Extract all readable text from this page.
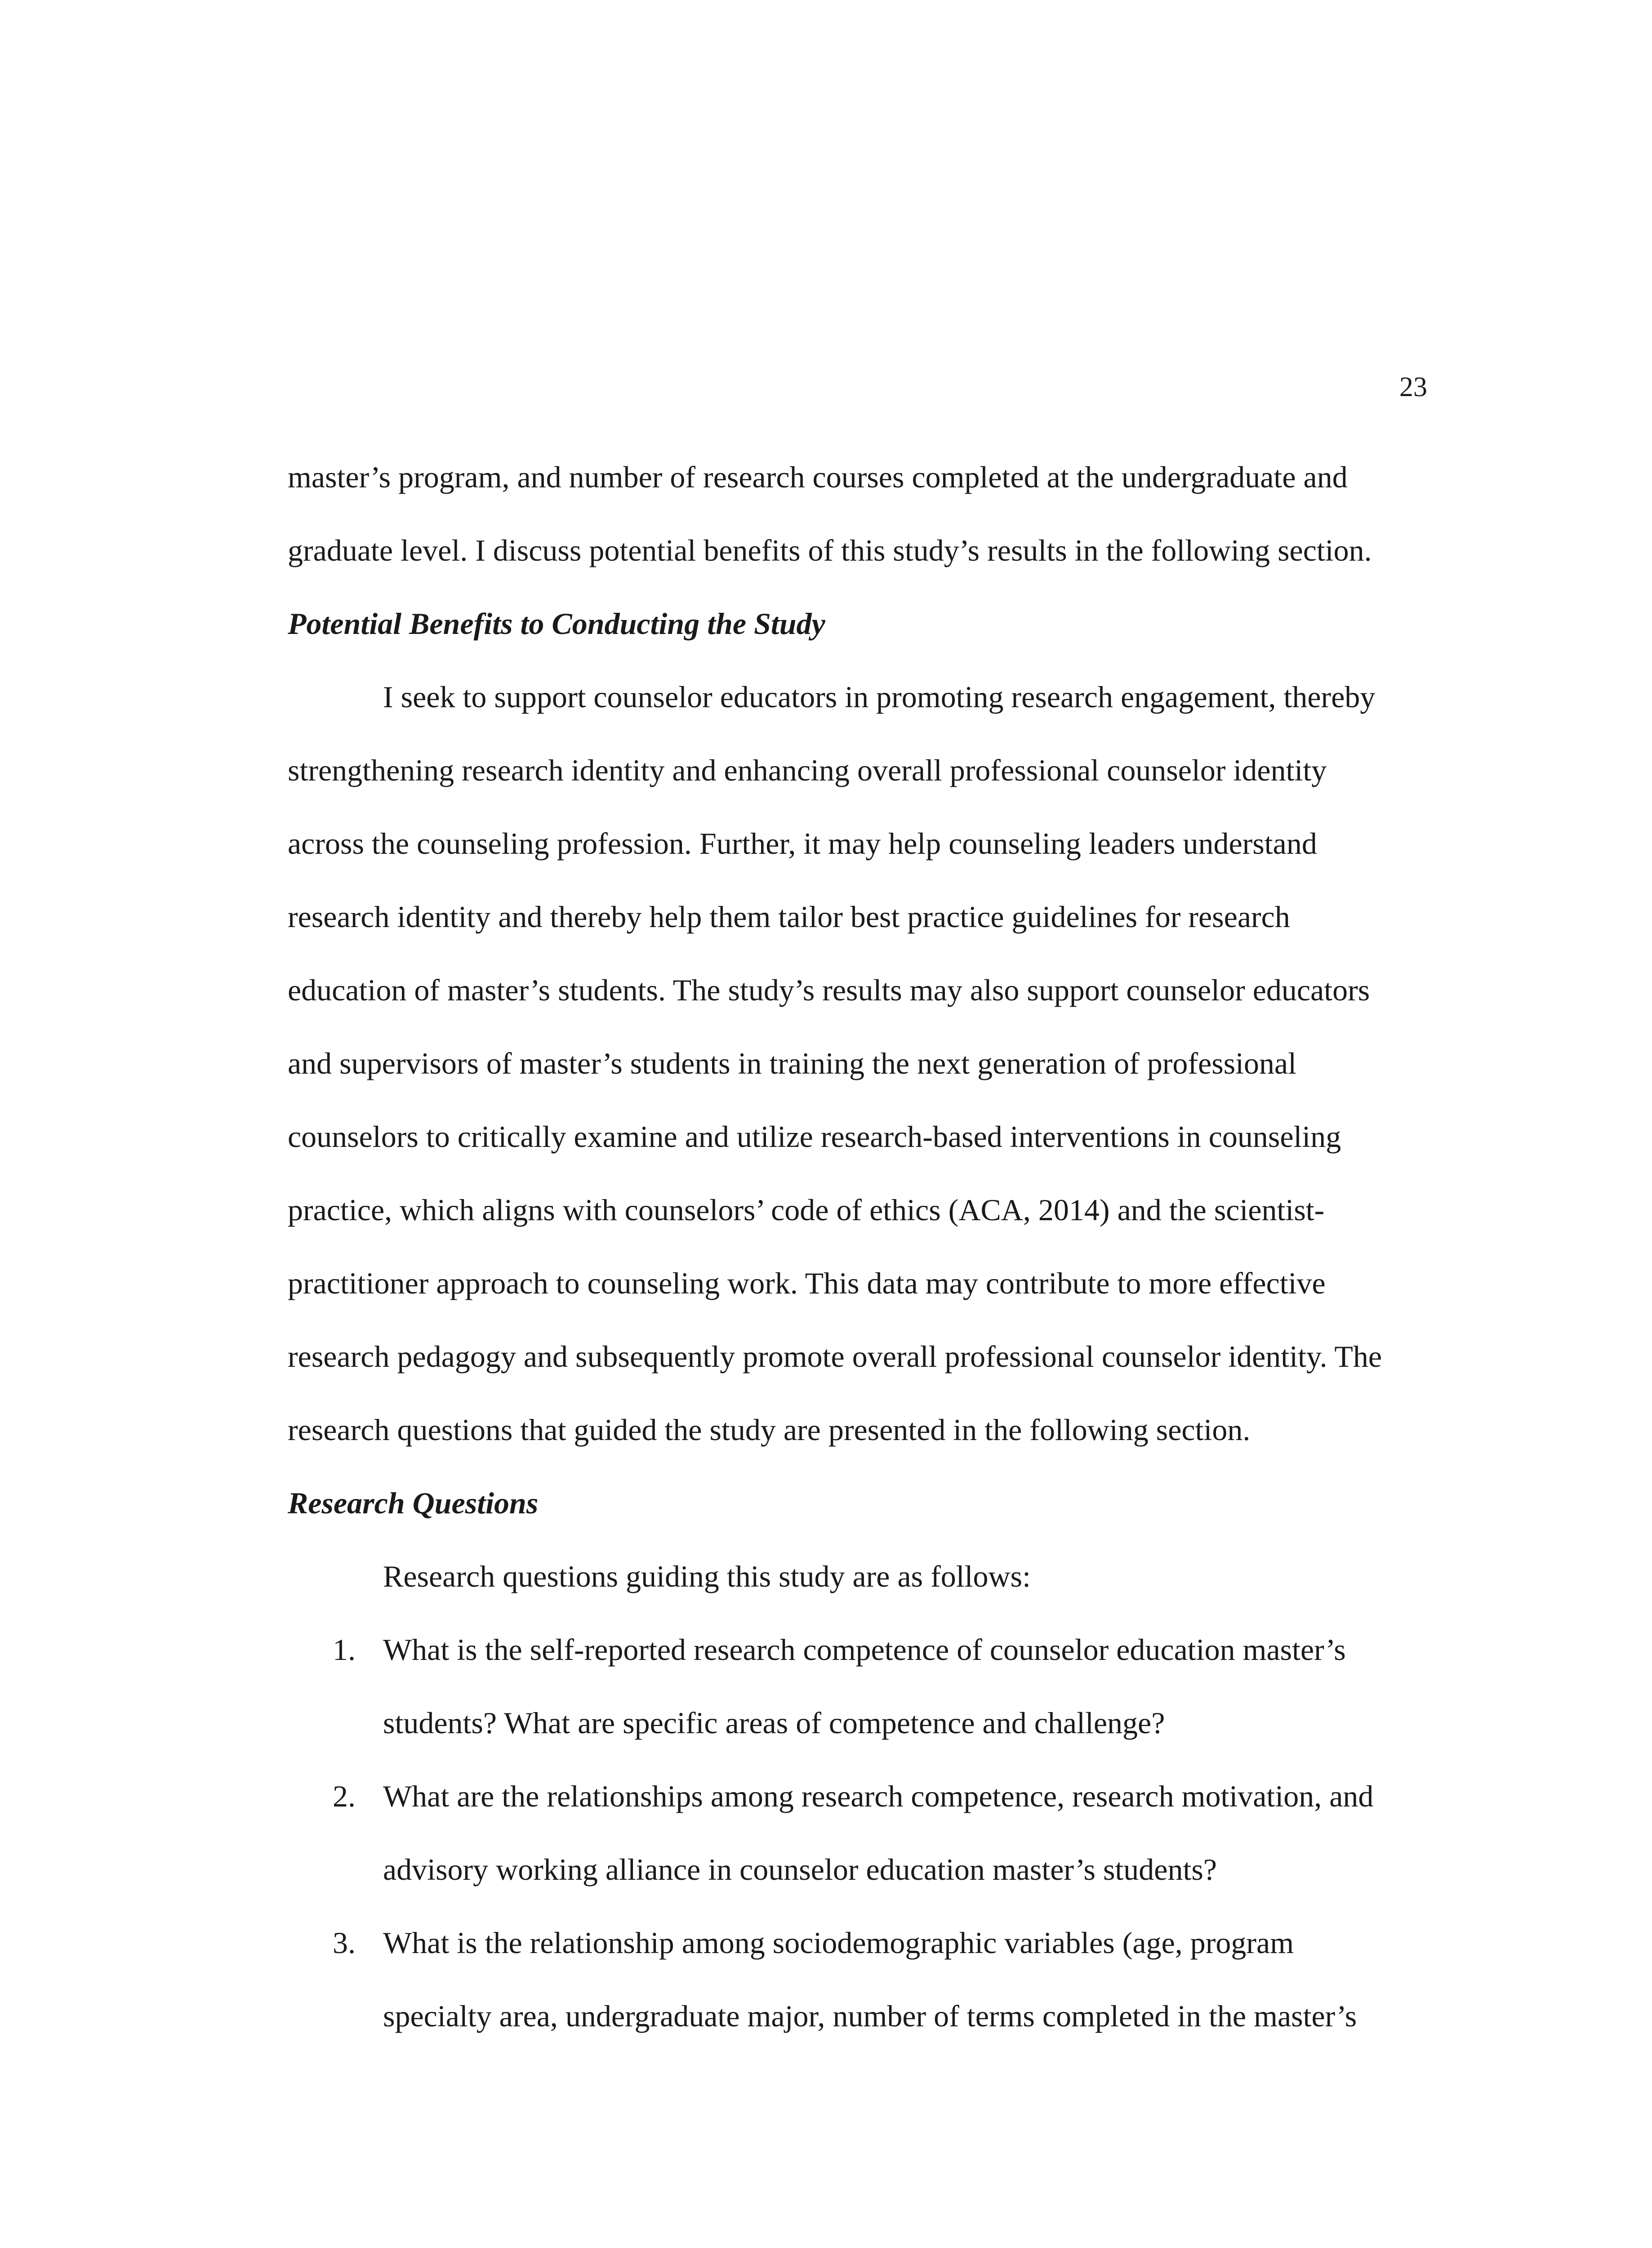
23

master’s program, and number of research courses completed at the undergraduate and
graduate level. I discuss potential benefits of this study’s results in the following section.

Potential Benefits to Conducting the Study

I seek to support counselor educators in promoting research engagement, thereby
strengthening research identity and enhancing overall professional counselor identity
across the counseling profession. Further, it may help counseling leaders understand
research identity and thereby help them tailor best practice guidelines for research
education of master’s students. The study’s results may also support counselor educators
and supervisors of master’s students in training the next generation of professional
counselors to critically examine and utilize research-based interventions in counseling
practice, which aligns with counselors’ code of ethics (ACA, 2014) and the scientist-
practitioner approach to counseling work. This data may contribute to more effective
research pedagogy and subsequently promote overall professional counselor identity. The
research questions that guided the study are presented in the following section.

Research Questions

Research questions guiding this study are as follows:

1. What is the self-reported research competence of counselor education master’s
students? What are specific areas of competence and challenge?
2. What are the relationships among research competence, research motivation, and
advisory working alliance in counselor education master’s students?
3. What is the relationship among sociodemographic variables (age, program
specialty area, undergraduate major, number of terms completed in the master’s
